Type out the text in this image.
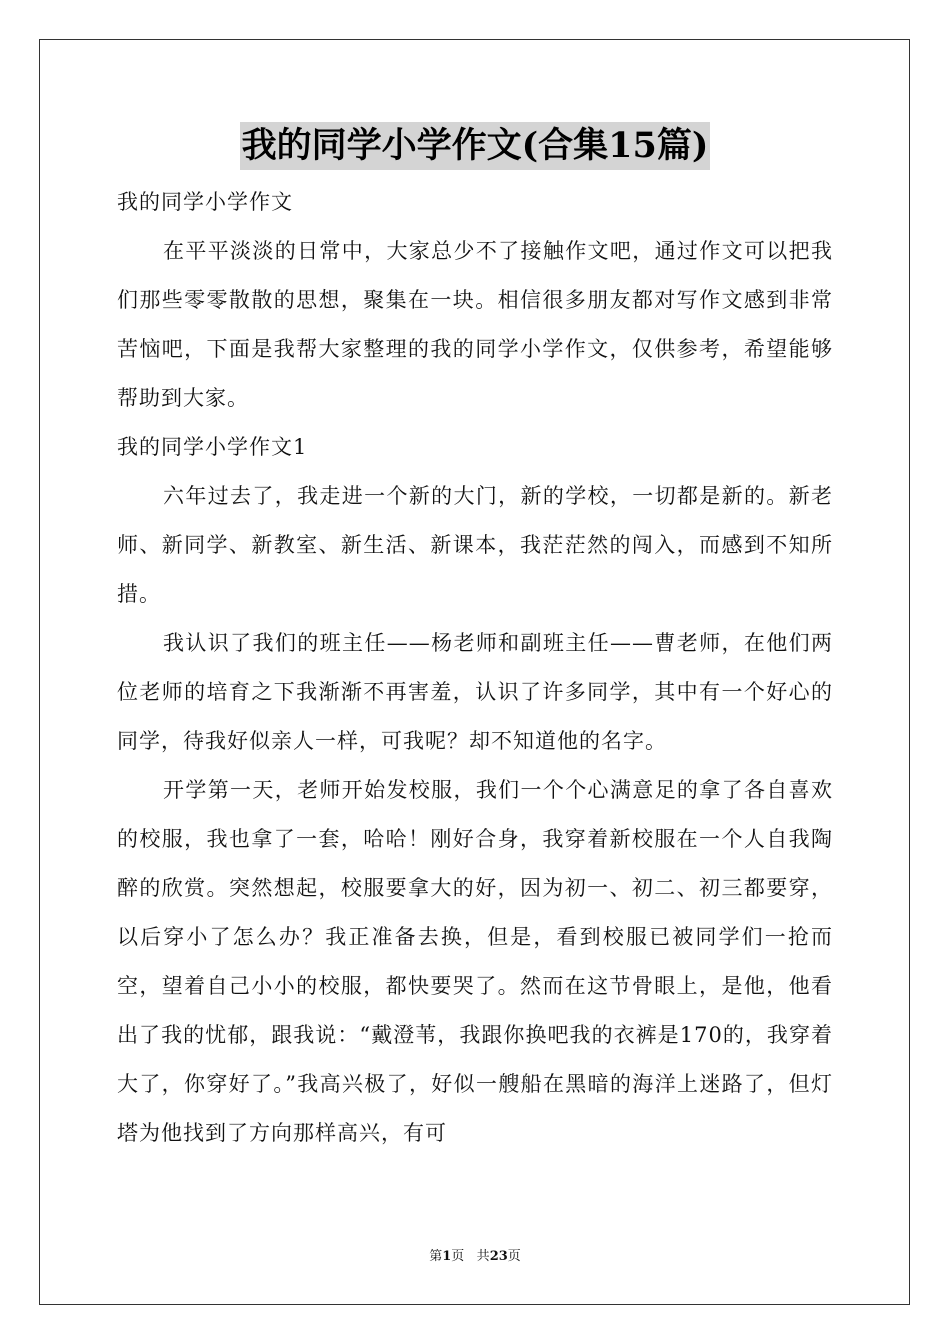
我的同学小学作文(合集15篇)

我的同学小学作文

在平平淡淡的日常中，大家总少不了接触作文吧，通过作文可以把我们那些零零散散的思想，聚集在一块。相信很多朋友都对写作文感到非常苦恼吧，下面是我帮大家整理的我的同学小学作文，仅供参考，希望能够帮助到大家。

我的同学小学作文1

六年过去了，我走进一个新的大门，新的学校，一切都是新的。新老师、新同学、新教室、新生活、新课本，我茫茫然的闯入，而感到不知所措。

我认识了我们的班主任——杨老师和副班主任——曹老师，在他们两位老师的培育之下我渐渐不再害羞，认识了许多同学，其中有一个好心的同学，待我好似亲人一样，可我呢？却不知道他的名字。

开学第一天，老师开始发校服，我们一个个心满意足的拿了各自喜欢的校服，我也拿了一套，哈哈！刚好合身，我穿着新校服在一个人自我陶醉的欣赏。突然想起，校服要拿大的好，因为初一、初二、初三都要穿，以后穿小了怎么办？我正准备去换，但是，看到校服已被同学们一抢而空，望着自己小小的校服，都快要哭了。然而在这节骨眼上，是他，他看出了我的忧郁，跟我说：“戴澄苇，我跟你换吧我的衣裤是170的，我穿着大了，你穿好了。”我高兴极了，好似一艘船在黑暗的海洋上迷路了，但灯塔为他找到了方向那样高兴，有可

第1页 共23页
